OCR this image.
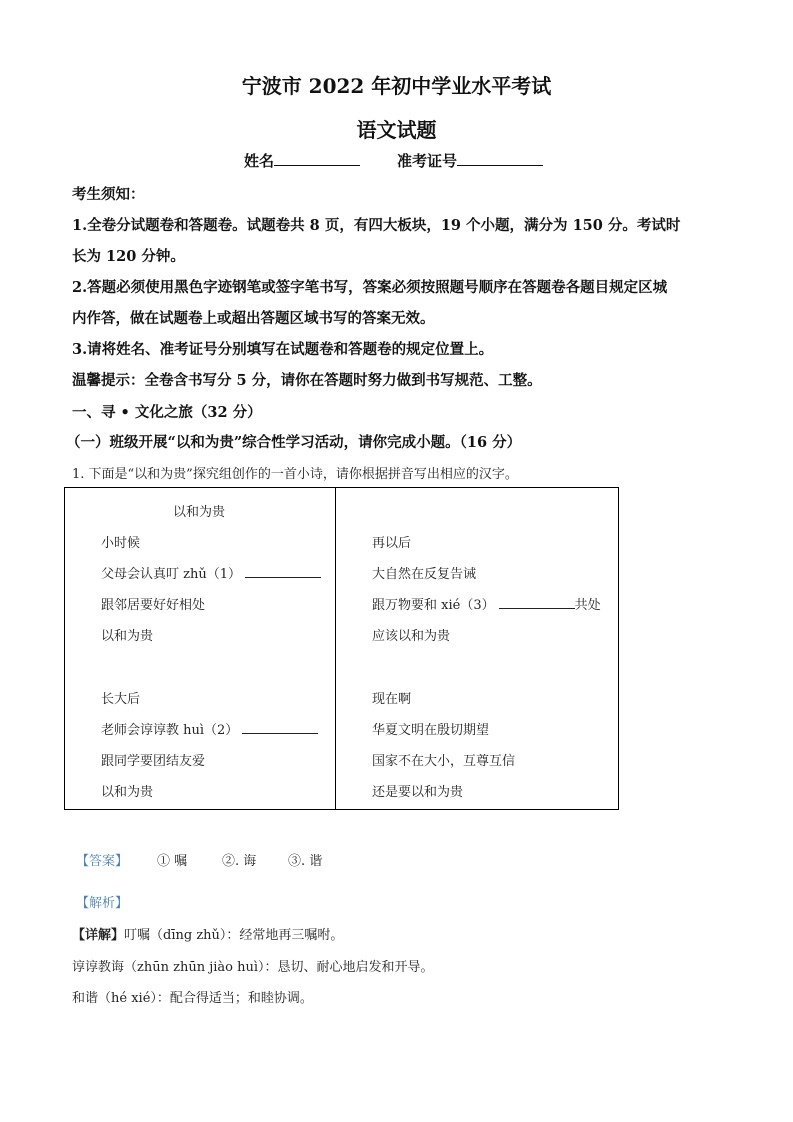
宁波市 2022 年初中学业水平考试
语文试题
姓名	准考证号
考生须知：
1.全卷分试题卷和答题卷。试题卷共 8 页，有四大板块，19 个小题，满分为 150 分。考试时
长为 120 分钟。
2.答题必须使用黑色字迹钢笔或签字笔书写，答案必须按照题号顺序在答题卷各题目规定区城
内作答，做在试题卷上或超出答题区域书写的答案无效。
3.请将姓名、准考证号分别填写在试题卷和答题卷的规定位置上。
温馨提示：全卷含书写分 5 分，请你在答题时努力做到书写规范、工整。
一、寻 • 文化之旅（32 分）
（一）班级开展“以和为贵”综合性学习活动，请你完成小题。（16 分）
1. 下面是“以和为贵”探究组创作的一首小诗，请你根据拼音写出相应的汉字。
以和为贵
小时候
父母会认真叮 zhǔ（1）
跟邻居要好好相处
以和为贵
长大后
老师会谆谆教 huì（2）
跟同学要团结友爱
以和为贵
再以后
大自然在反复告诫
跟万物要和 xié（3）	共处
应该以和为贵
现在啊
华夏文明在殷切期望
国家不在大小，互尊互信
还是要以和为贵
【答案】 ① 嘱	②. 诲 ③. 谐
【解析】
【详解】叮嘱（dīng zhǔ）：经常地再三嘱咐。
谆谆教诲（zhūn zhūn jiào huì）：恳切、耐心地启发和开导。
和谐（hé xié）：配合得适当；和睦协调。
